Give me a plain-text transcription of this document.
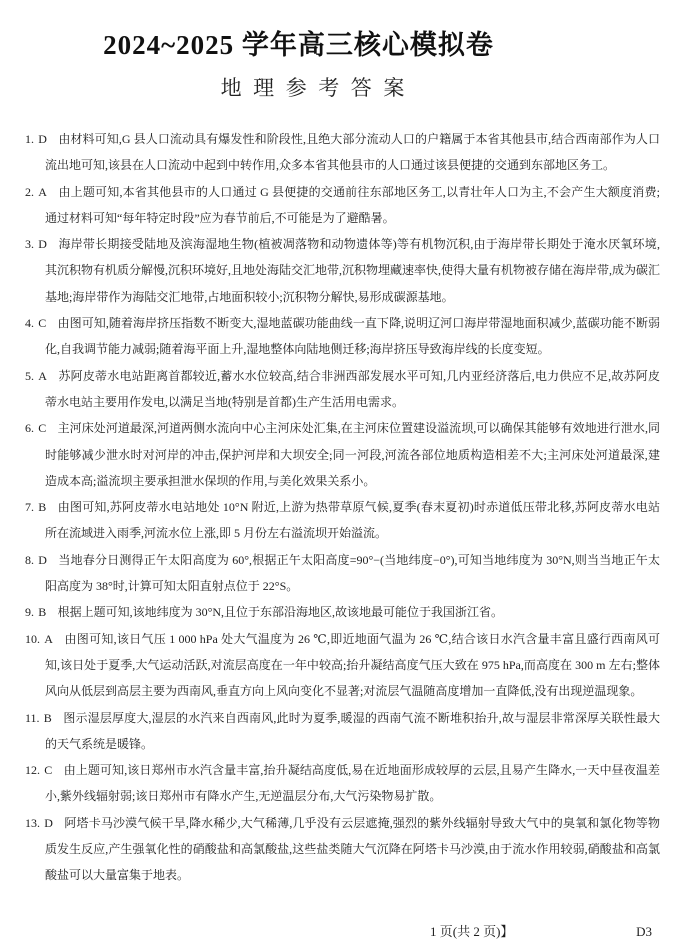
2024~2025 学年高三核心模拟卷
地理参考答案

1. D 由材料可知,G 县人口流动具有爆发性和阶段性,且绝大部分流动人口的户籍属于本省其他县市,结合西南部作为人口流出地可知,该县在人口流动中起到中转作用,众多本省其他县市的人口通过该县便捷的交通到东部地区务工。

2. A 由上题可知,本省其他县市的人口通过 G 县便捷的交通前往东部地区务工,以青壮年人口为主,不会产生大额度消费;通过材料可知“每年特定时段”应为春节前后,不可能是为了避酷暑。

3. D 海岸带长期接受陆地及滨海湿地生物(植被凋落物和动物遗体等)等有机物沉积,由于海岸带长期处于淹水厌氧环境,其沉积物有机质分解慢,沉积环境好,且地处海陆交汇地带,沉积物埋藏速率快,使得大量有机物被存储在海岸带,成为碳汇基地;海岸带作为海陆交汇地带,占地面积较小;沉积物分解快,易形成碳源基地。

4. C 由图可知,随着海岸挤压指数不断变大,湿地蓝碳功能曲线一直下降,说明辽河口海岸带湿地面积减少,蓝碳功能不断弱化,自我调节能力减弱;随着海平面上升,湿地整体向陆地侧迁移;海岸挤压导致海岸线的长度变短。

5. A 苏阿皮蒂水电站距离首都较近,蓄水水位较高,结合非洲西部发展水平可知,几内亚经济落后,电力供应不足,故苏阿皮蒂水电站主要用作发电,以满足当地(特别是首都)生产生活用电需求。

6. C 主河床处河道最深,河道两侧水流向中心主河床处汇集,在主河床位置建设溢流坝,可以确保其能够有效地进行泄水,同时能够减少泄水时对河岸的冲击,保护河岸和大坝安全;同一河段,河流各部位地质构造相差不大;主河床处河道最深,建造成本高;溢流坝主要承担泄水保坝的作用,与美化效果关系小。

7. B 由图可知,苏阿皮蒂水电站地处 10°N 附近,上游为热带草原气候,夏季(春末夏初)时赤道低压带北移,苏阿皮蒂水电站所在流域进入雨季,河流水位上涨,即 5 月份左右溢流坝开始溢流。

8. D 当地春分日测得正午太阳高度为 60°,根据正午太阳高度=90°−(当地纬度−0°),可知当地纬度为 30°N,则当当地正午太阳高度为 38°时,计算可知太阳直射点位于 22°S。

9. B 根据上题可知,该地纬度为 30°N,且位于东部沿海地区,故该地最可能位于我国浙江省。

10. A 由图可知,该日气压 1 000 hPa 处大气温度为 26 ℃,即近地面气温为 26 ℃,结合该日水汽含量丰富且盛行西南风可知,该日处于夏季,大气运动活跃,对流层高度在一年中较高;抬升凝结高度气压大致在 975 hPa,而高度在 300 m 左右;整体风向从低层到高层主要为西南风,垂直方向上风向变化不显著;对流层气温随高度增加一直降低,没有出现逆温现象。

11. B 图示湿层厚度大,湿层的水汽来自西南风,此时为夏季,暖湿的西南气流不断堆积抬升,故与湿层非常深厚关联性最大的天气系统是暖锋。

12. C 由上题可知,该日郑州市水汽含量丰富,抬升凝结高度低,易在近地面形成较厚的云层,且易产生降水,一天中昼夜温差小,紫外线辐射弱;该日郑州市有降水产生,无逆温层分布,大气污染物易扩散。

13. D 阿塔卡马沙漠气候干旱,降水稀少,大气稀薄,几乎没有云层遮掩,强烈的紫外线辐射导致大气中的臭氧和氯化物等物质发生反应,产生强氧化性的硝酸盐和高氯酸盐,这些盐类随大气沉降在阿塔卡马沙漠,由于流水作用较弱,硝酸盐和高氯酸盐可以大量富集于地表。

1 页(共 2 页)】	D3
